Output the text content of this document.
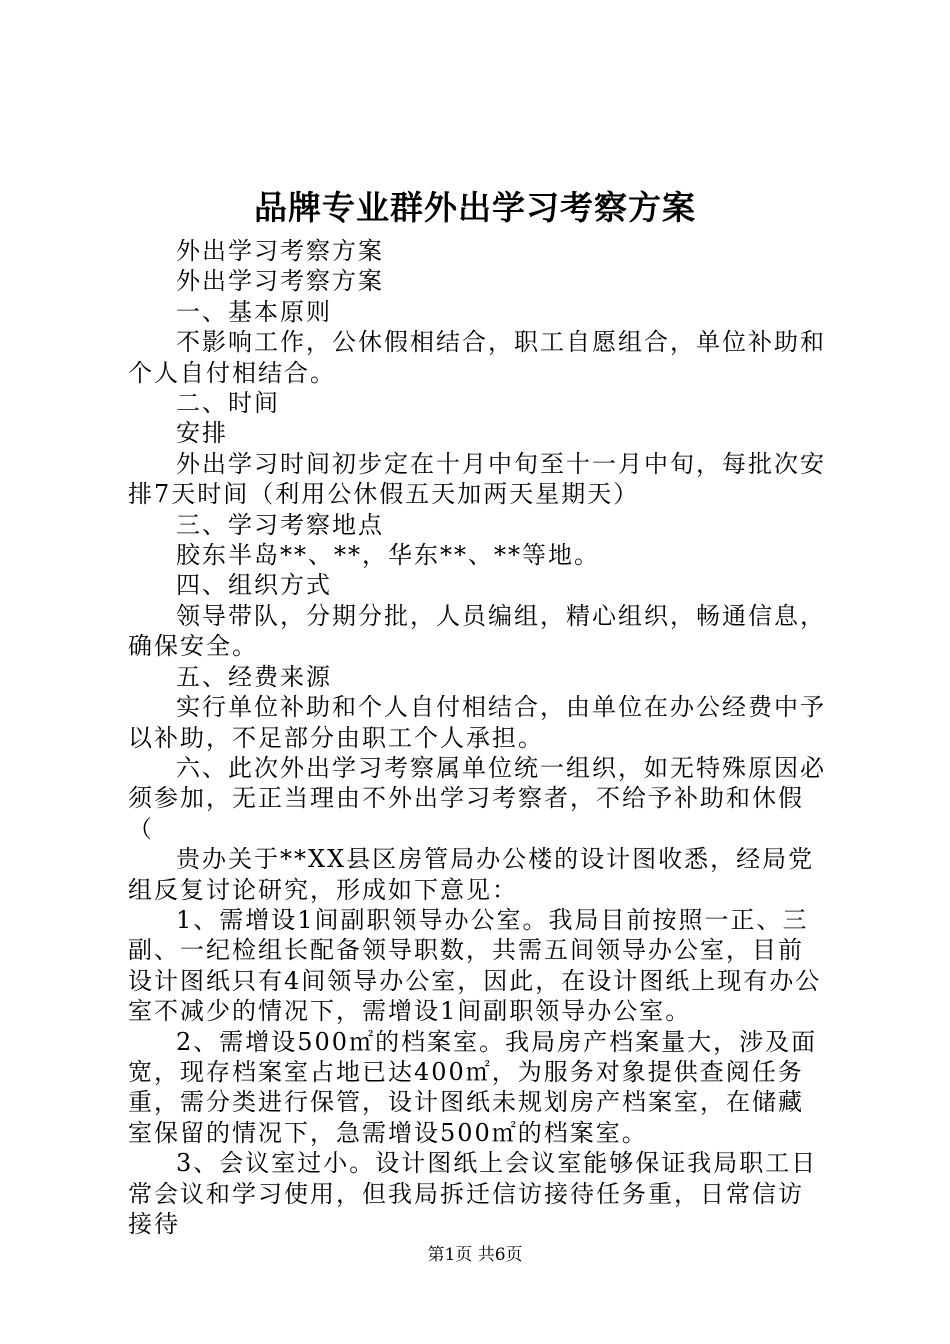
品牌专业群外出学习考察方案

外出学习考察方案

外出学习考察方案

一、基本原则

不影响工作，公休假相结合，职工自愿组合，单位补助和个人自付相结合。

二、时间

安排

外出学习时间初步定在十月中旬至十一月中旬，每批次安排7天时间（利用公休假五天加两天星期天）

三、学习考察地点

胶东半岛**、**，华东**、**等地。

四、组织方式

领导带队，分期分批，人员编组，精心组织，畅通信息，确保安全。

五、经费来源

实行单位补助和个人自付相结合，由单位在办公经费中予以补助，不足部分由职工个人承担。

六、此次外出学习考察属单位统一组织，如无特殊原因必须参加，无正当理由不外出学习考察者，不给予补助和休假（

贵办关于**XX县区房管局办公楼的设计图收悉，经局党组反复讨论研究，形成如下意见：

1、需增设1间副职领导办公室。我局目前按照一正、三副、一纪检组长配备领导职数，共需五间领导办公室，目前设计图纸只有4间领导办公室，因此，在设计图纸上现有办公室不减少的情况下，需增设1间副职领导办公室。

2、需增设500㎡的档案室。我局房产档案量大，涉及面宽，现存档案室占地已达400㎡，为服务对象提供查阅任务重，需分类进行保管，设计图纸未规划房产档案室，在储藏室保留的情况下，急需增设500㎡的档案室。

3、会议室过小。设计图纸上会议室能够保证我局职工日常会议和学习使用，但我局拆迁信访接待任务重，日常信访接待

第1页 共6页
